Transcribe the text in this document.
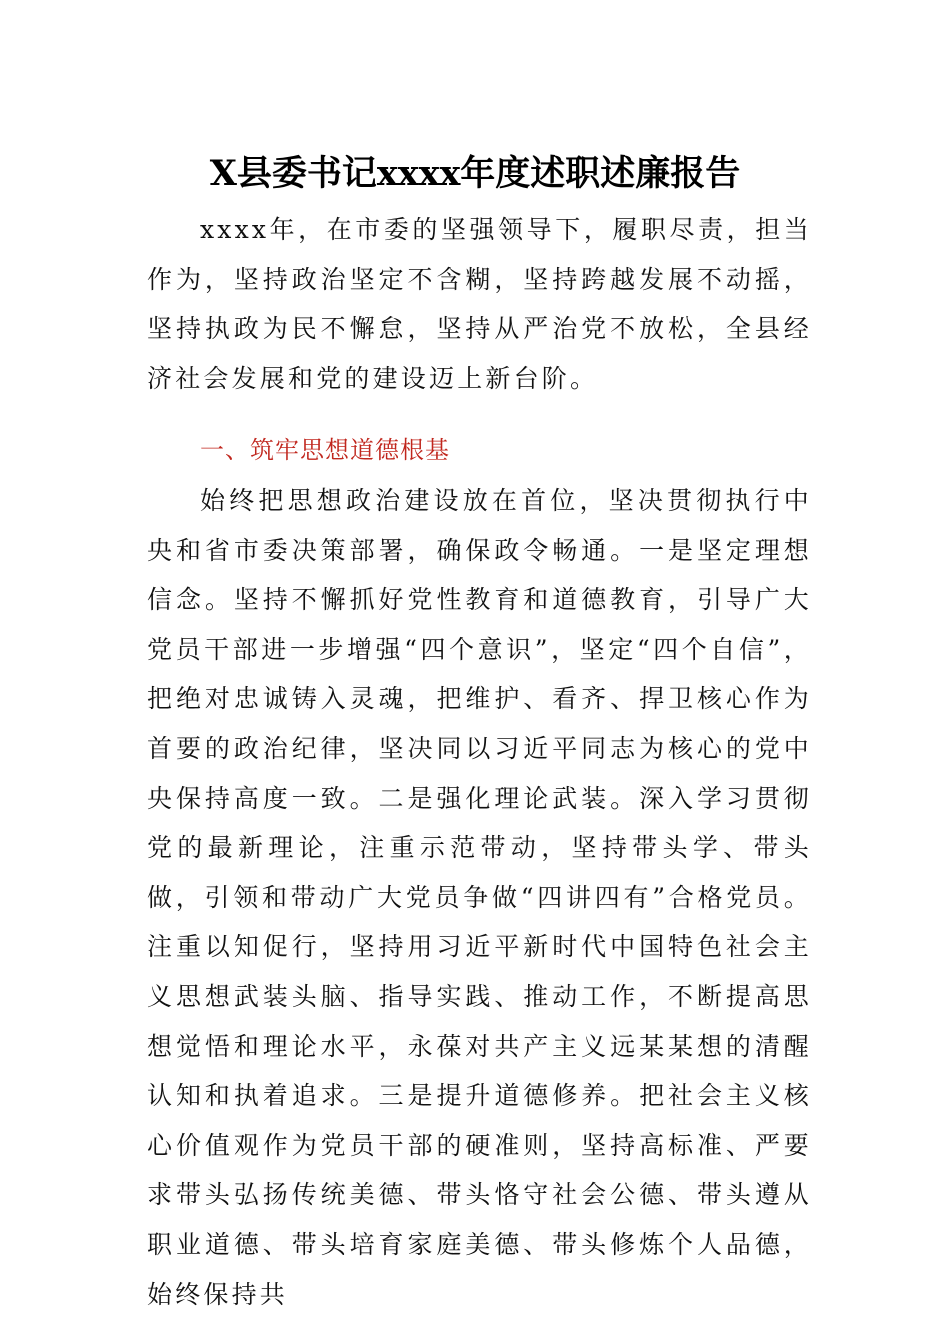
X县委书记xxxx年度述职述廉报告

xxxx年，在市委的坚强领导下，履职尽责，担当作为，坚持政治坚定不含糊，坚持跨越发展不动摇，坚持执政为民不懈怠，坚持从严治党不放松，全县经济社会发展和党的建设迈上新台阶。

一、筑牢思想道德根基

始终把思想政治建设放在首位，坚决贯彻执行中央和省市委决策部署，确保政令畅通。一是坚定理想信念。坚持不懈抓好党性教育和道德教育，引导广大党员干部进一步增强“四个意识”，坚定“四个自信”，把绝对忠诚铸入灵魂，把维护、看齐、捍卫核心作为首要的政治纪律，坚决同以习近平同志为核心的党中央保持高度一致。二是强化理论武装。深入学习贯彻党的最新理论，注重示范带动，坚持带头学、带头做，引领和带动广大党员争做“四讲四有”合格党员。注重以知促行，坚持用习近平新时代中国特色社会主义思想武装头脑、指导实践、推动工作，不断提高思想觉悟和理论水平，永葆对共产主义远某某想的清醒认知和执着追求。三是提升道德修养。把社会主义核心价值观作为党员干部的硬准则，坚持高标准、严要求带头弘扬传统美德、带头恪守社会公德、带头遵从职业道德、带头培育家庭美德、带头修炼个人品德，始终保持共
